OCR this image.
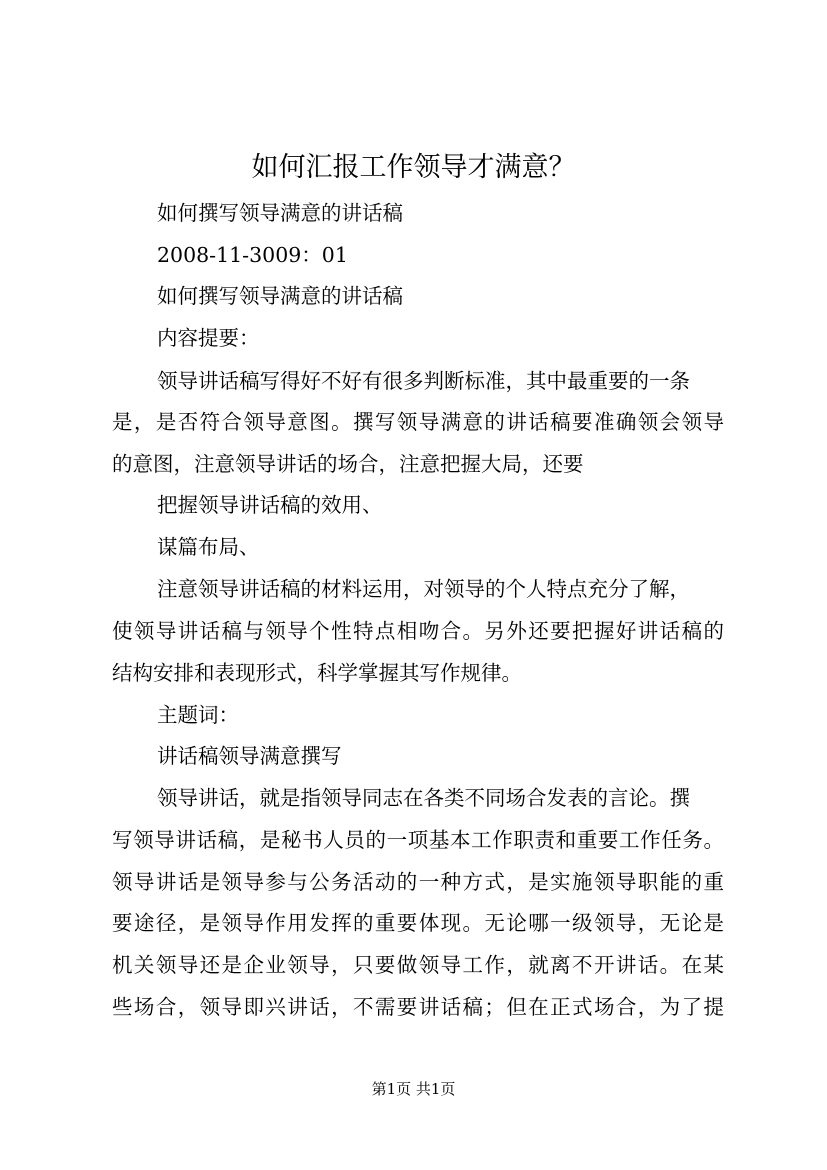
如何汇报工作领导才满意？
如何撰写领导满意的讲话稿
2008-11-3009：01
如何撰写领导满意的讲话稿
内容提要：
领导讲话稿写得好不好有很多判断标准，其中最重要的一条
是，是否符合领导意图。撰写领导满意的讲话稿要准确领会领导
的意图，注意领导讲话的场合，注意把握大局，还要
把握领导讲话稿的效用、
谋篇布局、
注意领导讲话稿的材料运用，对领导的个人特点充分了解，
使领导讲话稿与领导个性特点相吻合。另外还要把握好讲话稿的
结构安排和表现形式，科学掌握其写作规律。
主题词：
讲话稿领导满意撰写
领导讲话，就是指领导同志在各类不同场合发表的言论。撰
写领导讲话稿，是秘书人员的一项基本工作职责和重要工作任务。
领导讲话是领导参与公务活动的一种方式，是实施领导职能的重
要途径，是领导作用发挥的重要体现。无论哪一级领导，无论是
机关领导还是企业领导，只要做领导工作，就离不开讲话。在某
些场合，领导即兴讲话，不需要讲话稿；但在正式场合，为了提
第1页 共1页
